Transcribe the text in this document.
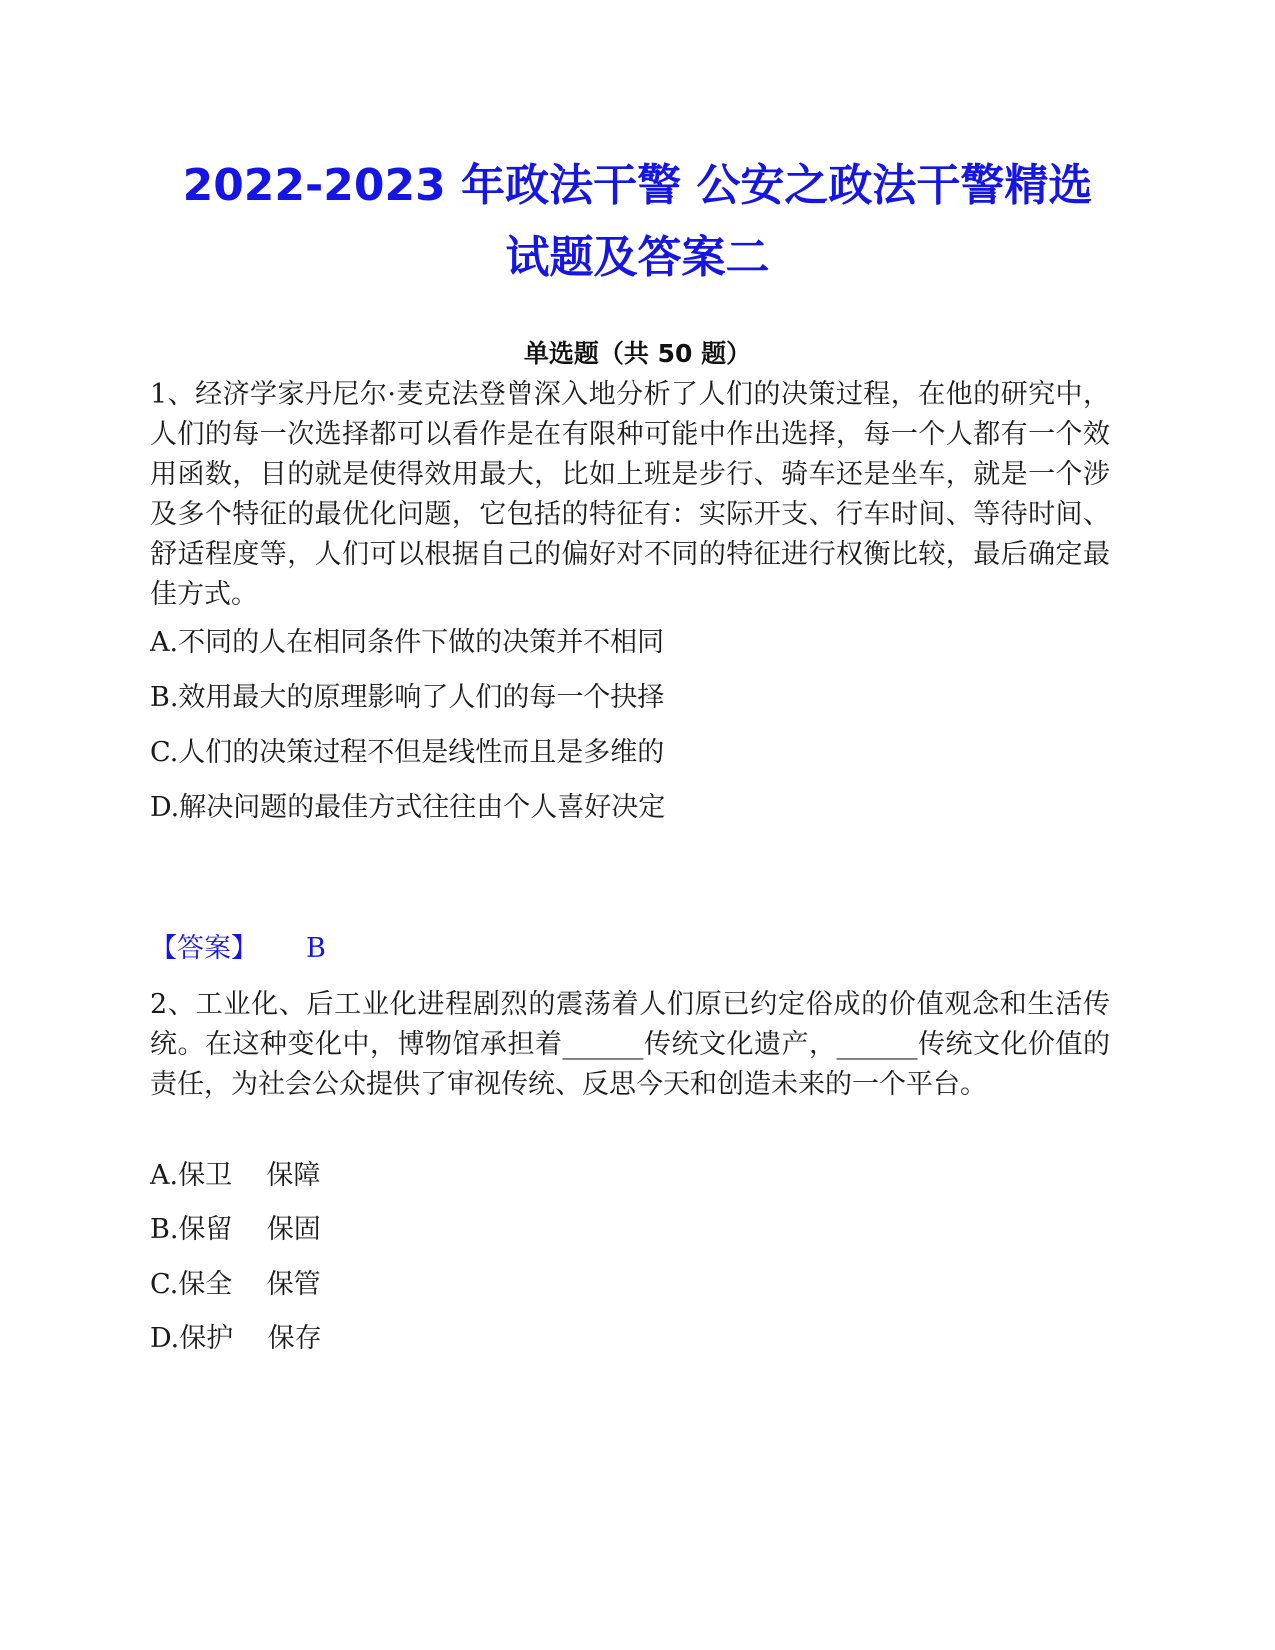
2022-2023 年政法干警 公安之政法干警精选
试题及答案二
单选题（共 50 题）
1、经济学家丹尼尔·麦克法登曾深入地分析了人们的决策过程，在他的研究中，人们的每一次选择都可以看作是在有限种可能中作出选择，每一个人都有一个效用函数，目的就是使得效用最大，比如上班是步行、骑车还是坐车，就是一个涉及多个特征的最优化问题，它包括的特征有：实际开支、行车时间、等待时间、舒适程度等，人们可以根据自己的偏好对不同的特征进行权衡比较，最后确定最佳方式。
A.不同的人在相同条件下做的决策并不相同
B.效用最大的原理影响了人们的每一个抉择
C.人们的决策过程不但是线性而且是多维的
D.解决问题的最佳方式往往由个人喜好决定
【答案】 B
2、工业化、后工业化进程剧烈的震荡着人们原已约定俗成的价值观念和生活传统。在这种变化中，博物馆承担着______传统文化遗产，______传统文化价值的责任，为社会公众提供了审视传统、反思今天和创造未来的一个平台。
A.保卫    保障
B.保留    保固
C.保全    保管
D.保护    保存
